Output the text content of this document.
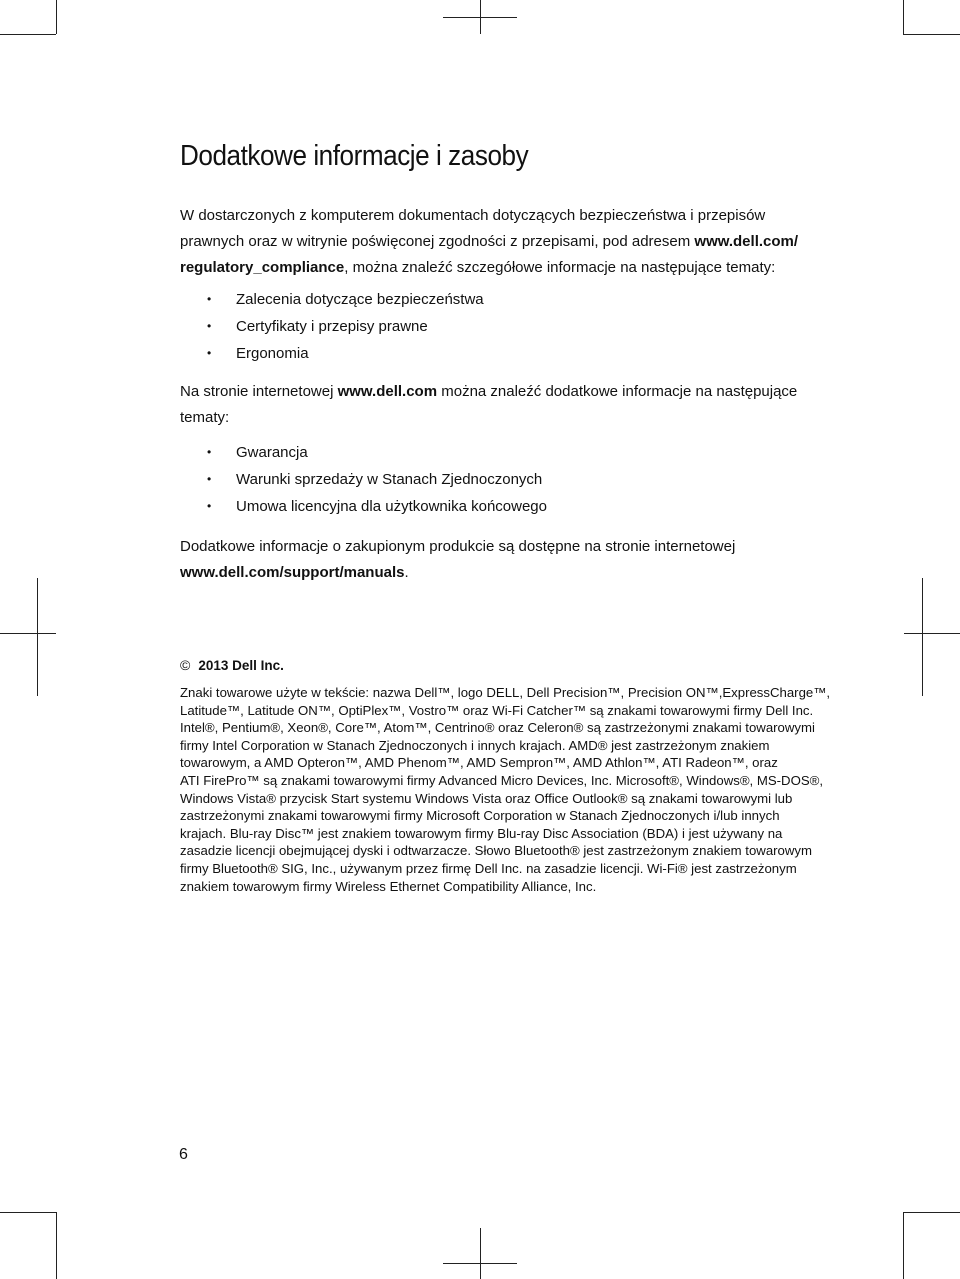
Dodatkowe informacje i zasoby

W dostarczonych z komputerem dokumentach dotyczących bezpieczeństwa i przepisów
prawnych oraz w witrynie poświęconej zgodności z przepisami, pod adresem www.dell.com/
regulatory_compliance, można znaleźć szczegółowe informacje na następujące tematy:

• Zalecenia dotyczące bezpieczeństwa
• Certyfikaty i przepisy prawne
• Ergonomia

Na stronie internetowej www.dell.com można znaleźć dodatkowe informacje na następujące
tematy:

• Gwarancja
• Warunki sprzedaży w Stanach Zjednoczonych
• Umowa licencyjna dla użytkownika końcowego

Dodatkowe informacje o zakupionym produkcie są dostępne na stronie internetowej
www.dell.com/support/manuals.

© 2013 Dell Inc.

Znaki towarowe użyte w tekście: nazwa Dell™, logo DELL, Dell Precision™, Precision ON™,ExpressCharge™,
Latitude™, Latitude ON™, OptiPlex™, Vostro™ oraz Wi-Fi Catcher™ są znakami towarowymi firmy Dell Inc.
Intel®, Pentium®, Xeon®, Core™, Atom™, Centrino® oraz Celeron® są zastrzeżonymi znakami towarowymi
firmy Intel Corporation w Stanach Zjednoczonych i innych krajach. AMD® jest zastrzeżonym znakiem
towarowym, a AMD Opteron™, AMD Phenom™, AMD Sempron™, AMD Athlon™, ATI Radeon™, oraz
ATI FirePro™ są znakami towarowymi firmy Advanced Micro Devices, Inc. Microsoft®, Windows®, MS-DOS®,
Windows Vista® przycisk Start systemu Windows Vista oraz Office Outlook® są znakami towarowymi lub
zastrzeżonymi znakami towarowymi firmy Microsoft Corporation w Stanach Zjednoczonych i/lub innych
krajach. Blu-ray Disc™ jest znakiem towarowym firmy Blu-ray Disc Association (BDA) i jest używany na
zasadzie licencji obejmującej dyski i odtwarzacze. Słowo Bluetooth® jest zastrzeżonym znakiem towarowym
firmy Bluetooth® SIG, Inc., używanym przez firmę Dell Inc. na zasadzie licencji. Wi-Fi® jest zastrzeżonym
znakiem towarowym firmy Wireless Ethernet Compatibility Alliance, Inc.

6
